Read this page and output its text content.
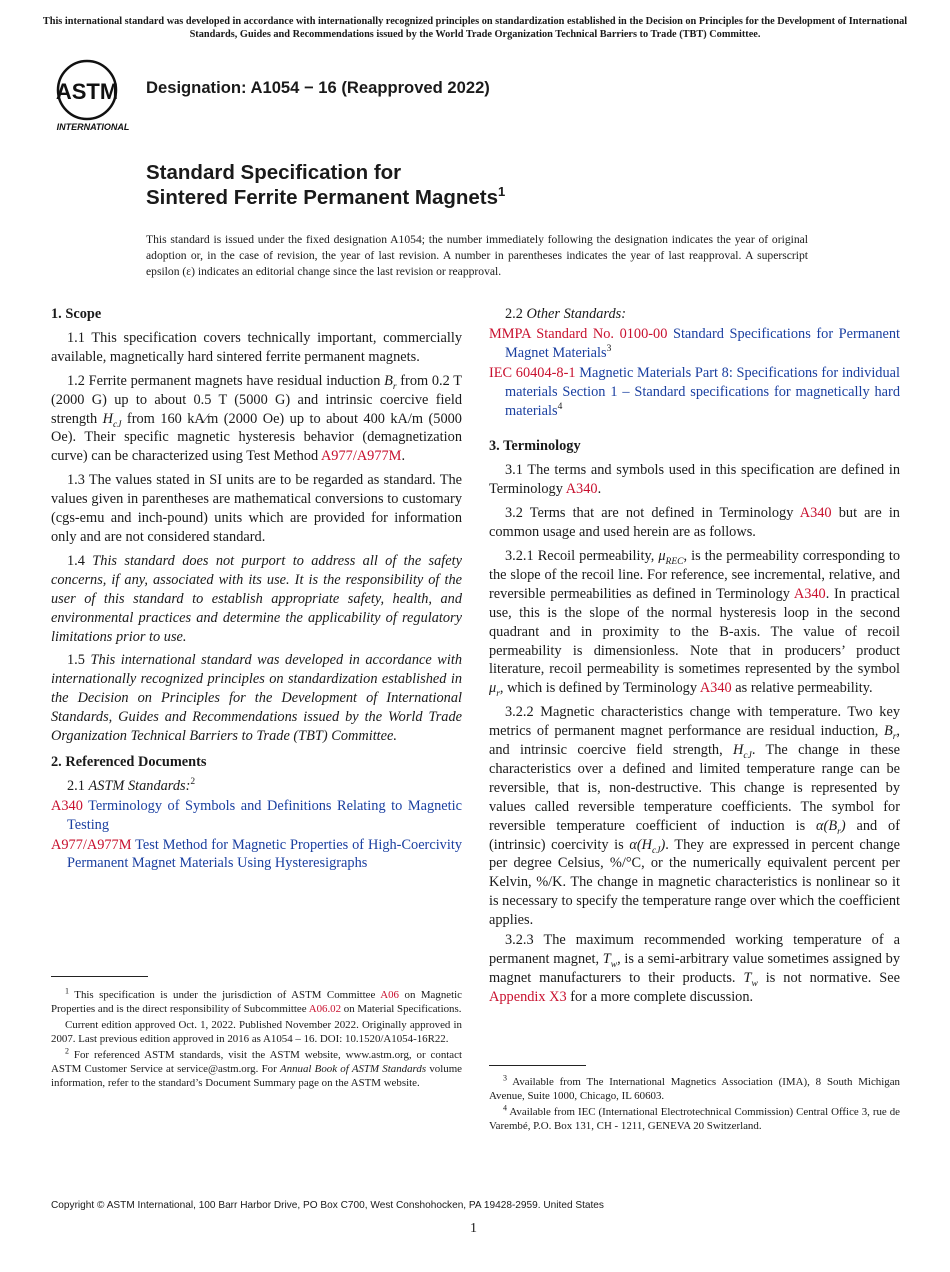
This international standard was developed in accordance with internationally recognized principles on standardization established in the Decision on Principles for the Development of International Standards, Guides and Recommendations issued by the World Trade Organization Technical Barriers to Trade (TBT) Committee.
ASTM
INTERNATIONAL
Designation: A1054 − 16 (Reapproved 2022)
Standard Specification for
Sintered Ferrite Permanent Magnets$^1$
This standard is issued under the fixed designation A1054; the number immediately following the designation indicates the year of original adoption or, in the case of revision, the year of last revision. A number in parentheses indicates the year of last reapproval. A superscript epsilon (ε) indicates an editorial change since the last revision or reapproval.
1. Scope
1.1 This specification covers technically important, commercially available, magnetically hard sintered ferrite permanent magnets.
1.2 Ferrite permanent magnets have residual induction $B_r$ from 0.2 T (2000 G) up to about 0.5 T (5000 G) and intrinsic coercive field strength $H_{cJ}$ from 160 kA⁄m (2000 Oe) up to about 400 kA/m (5000 Oe). Their specific magnetic hysteresis behavior (demagnetization curve) can be characterized using Test Method A977/A977M.
1.3 The values stated in SI units are to be regarded as standard. The values given in parentheses are mathematical conversions to customary (cgs-emu and inch-pound) units which are provided for information only and are not considered standard.
1.4 This standard does not purport to address all of the safety concerns, if any, associated with its use. It is the responsibility of the user of this standard to establish appropriate safety, health, and environmental practices and determine the applicability of regulatory limitations prior to use.
1.5 This international standard was developed in accordance with internationally recognized principles on standardization established in the Decision on Principles for the Development of International Standards, Guides and Recommendations issued by the World Trade Organization Technical Barriers to Trade (TBT) Committee.
2. Referenced Documents
2.1 ASTM Standards:$^2$
A340 Terminology of Symbols and Definitions Relating to Magnetic Testing
A977/A977M Test Method for Magnetic Properties of High-Coercivity Permanent Magnet Materials Using Hysteresigraphs

$^1$ This specification is under the jurisdiction of ASTM Committee A06 on Magnetic Properties and is the direct responsibility of Subcommittee A06.02 on Material Specifications.

Current edition approved Oct. 1, 2022. Published November 2022. Originally approved in 2007. Last previous edition approved in 2016 as A1054 – 16. DOI: 10.1520/A1054-16R22.

$^2$ For referenced ASTM standards, visit the ASTM website, www.astm.org, or contact ASTM Customer Service at service@astm.org. For Annual Book of ASTM Standards volume information, refer to the standard’s Document Summary page on the ASTM website.

2.2 Other Standards:
MMPA Standard No. 0100-00 Standard Specifications for Permanent Magnet Materials$^3$
IEC 60404-8-1 Magnetic Materials Part 8: Specifications for individual materials Section 1 – Standard specifications for magnetically hard materials$^4$
3. Terminology
3.1 The terms and symbols used in this specification are defined in Terminology A340.
3.2 Terms that are not defined in Terminology A340 but are in common usage and used herein are as follows.
3.2.1 Recoil permeability, $\mu_{REC}$, is the permeability corresponding to the slope of the recoil line. For reference, see incremental, relative, and reversible permeabilities as defined in Terminology A340. In practical use, this is the slope of the normal hysteresis loop in the second quadrant and in proximity to the B-axis. The value of recoil permeability is dimensionless. Note that in producers’ product literature, recoil permeability is sometimes represented by the symbol $\mu_r$, which is defined by Terminology A340 as relative permeability.
3.2.2 Magnetic characteristics change with temperature. Two key metrics of permanent magnet performance are residual induction, $B_r$, and intrinsic coercive field strength, $H_{cJ}$. The change in these characteristics over a defined and limited temperature range can be reversible, that is, non-destructive. This change is represented by values called reversible temperature coefficients. The symbol for reversible temperature coefficient of induction is $\alpha(B_r)$ and of (intrinsic) coercivity is $\alpha(H_{cJ})$. They are expressed in percent change per degree Celsius, %/°C, or the numerically equivalent percent per Kelvin, %/K. The change in magnetic characteristics is nonlinear so it is necessary to specify the temperature range over which the coefficient applies.
3.2.3 The maximum recommended working temperature of a permanent magnet, $T_w$, is a semi-arbitrary value sometimes assigned by magnet manufacturers to their products. $T_w$ is not normative. See Appendix X3 for a more complete discussion.

$^3$ Available from The International Magnetics Association (IMA), 8 South Michigan Avenue, Suite 1000, Chicago, IL 60603.

$^4$ Available from IEC (International Electrotechnical Commission) Central Office 3, rue de Varembé, P.O. Box 131, CH - 1211, GENEVA 20 Switzerland.

Copyright © ASTM International, 100 Barr Harbor Drive, PO Box C700, West Conshohocken, PA 19428-2959. United States
1
